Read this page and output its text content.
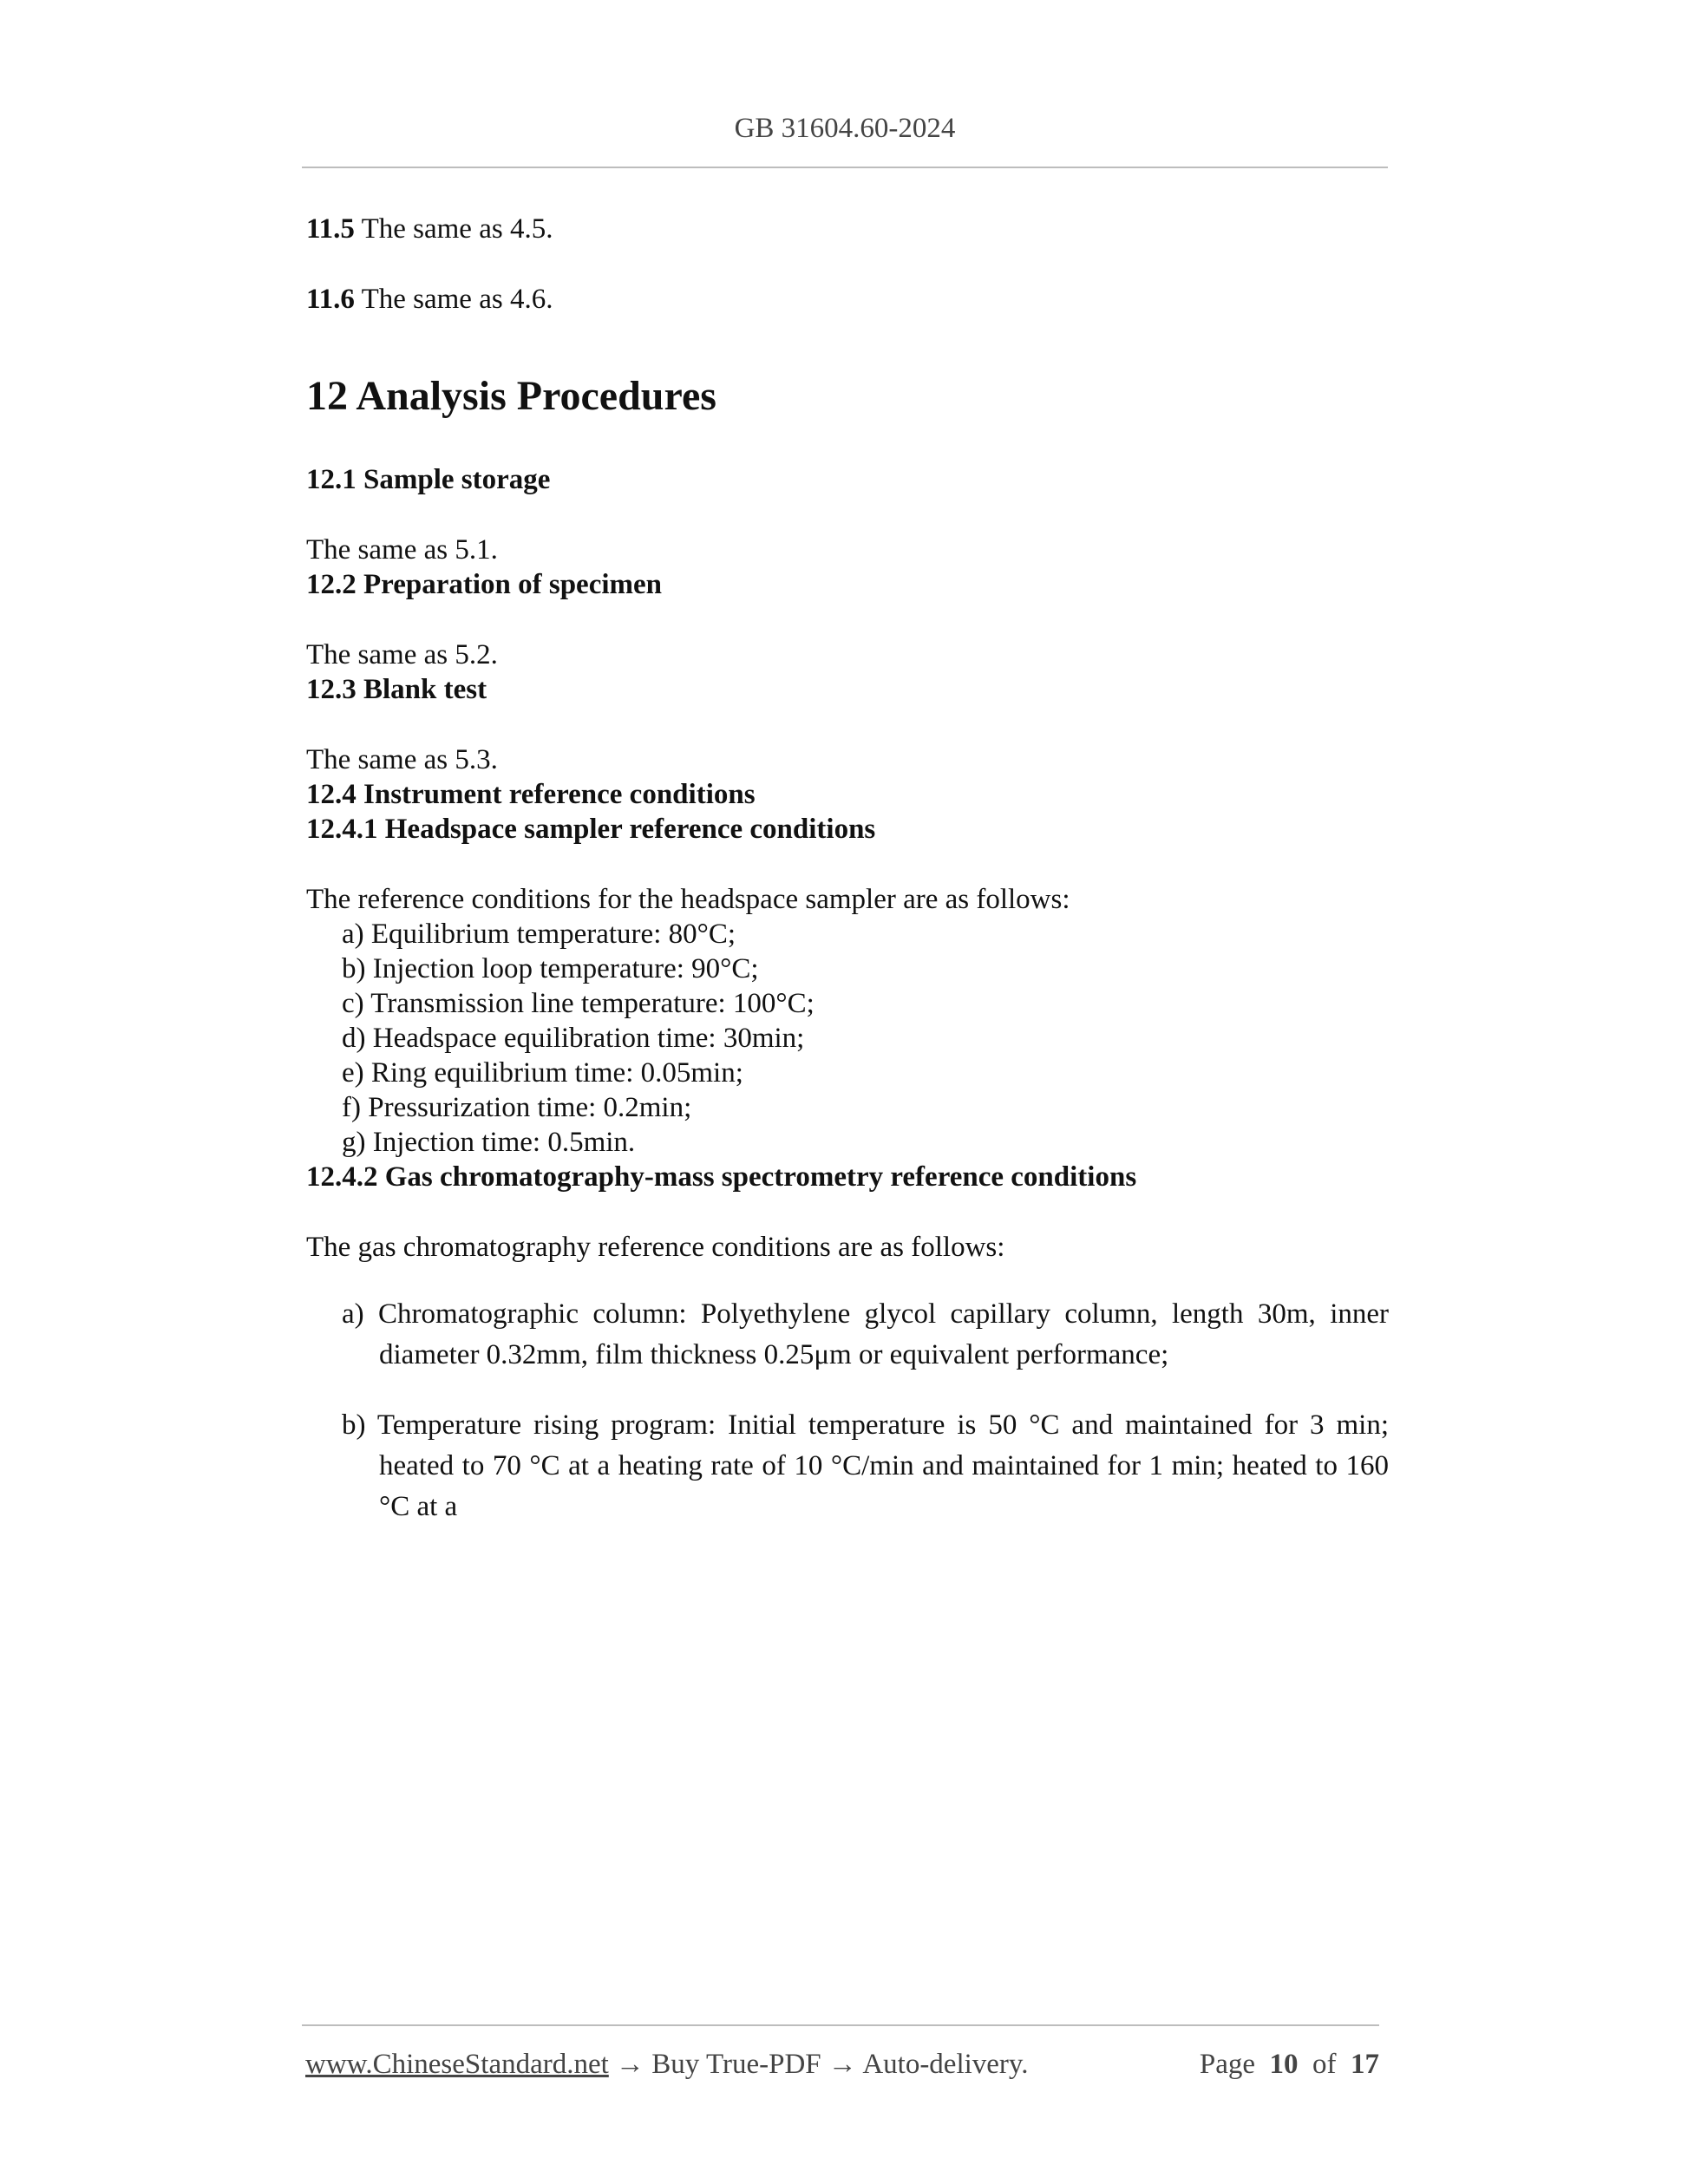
GB 31604.60-2024

11.5 The same as 4.5.

11.6 The same as 4.6.

12 Analysis Procedures

12.1 Sample storage

The same as 5.1.

12.2 Preparation of specimen

The same as 5.2.

12.3 Blank test

The same as 5.3.

12.4 Instrument reference conditions

12.4.1 Headspace sampler reference conditions

The reference conditions for the headspace sampler are as follows:

a) Equilibrium temperature: 80°C;

b) Injection loop temperature: 90°C;

c) Transmission line temperature: 100°C;

d) Headspace equilibration time: 30min;

e) Ring equilibrium time: 0.05min;

f) Pressurization time: 0.2min;

g) Injection time: 0.5min.

12.4.2 Gas chromatography-mass spectrometry reference conditions

The gas chromatography reference conditions are as follows:

a) Chromatographic column: Polyethylene glycol capillary column, length 30m, inner diameter 0.32mm, film thickness 0.25μm or equivalent performance;

b) Temperature rising program: Initial temperature is 50 °C and maintained for 3 min; heated to 70 °C at a heating rate of 10 °C/min and maintained for 1 min; heated to 160 °C at a

www.ChineseStandard.net → Buy True-PDF → Auto-delivery.	Page 10 of 17
